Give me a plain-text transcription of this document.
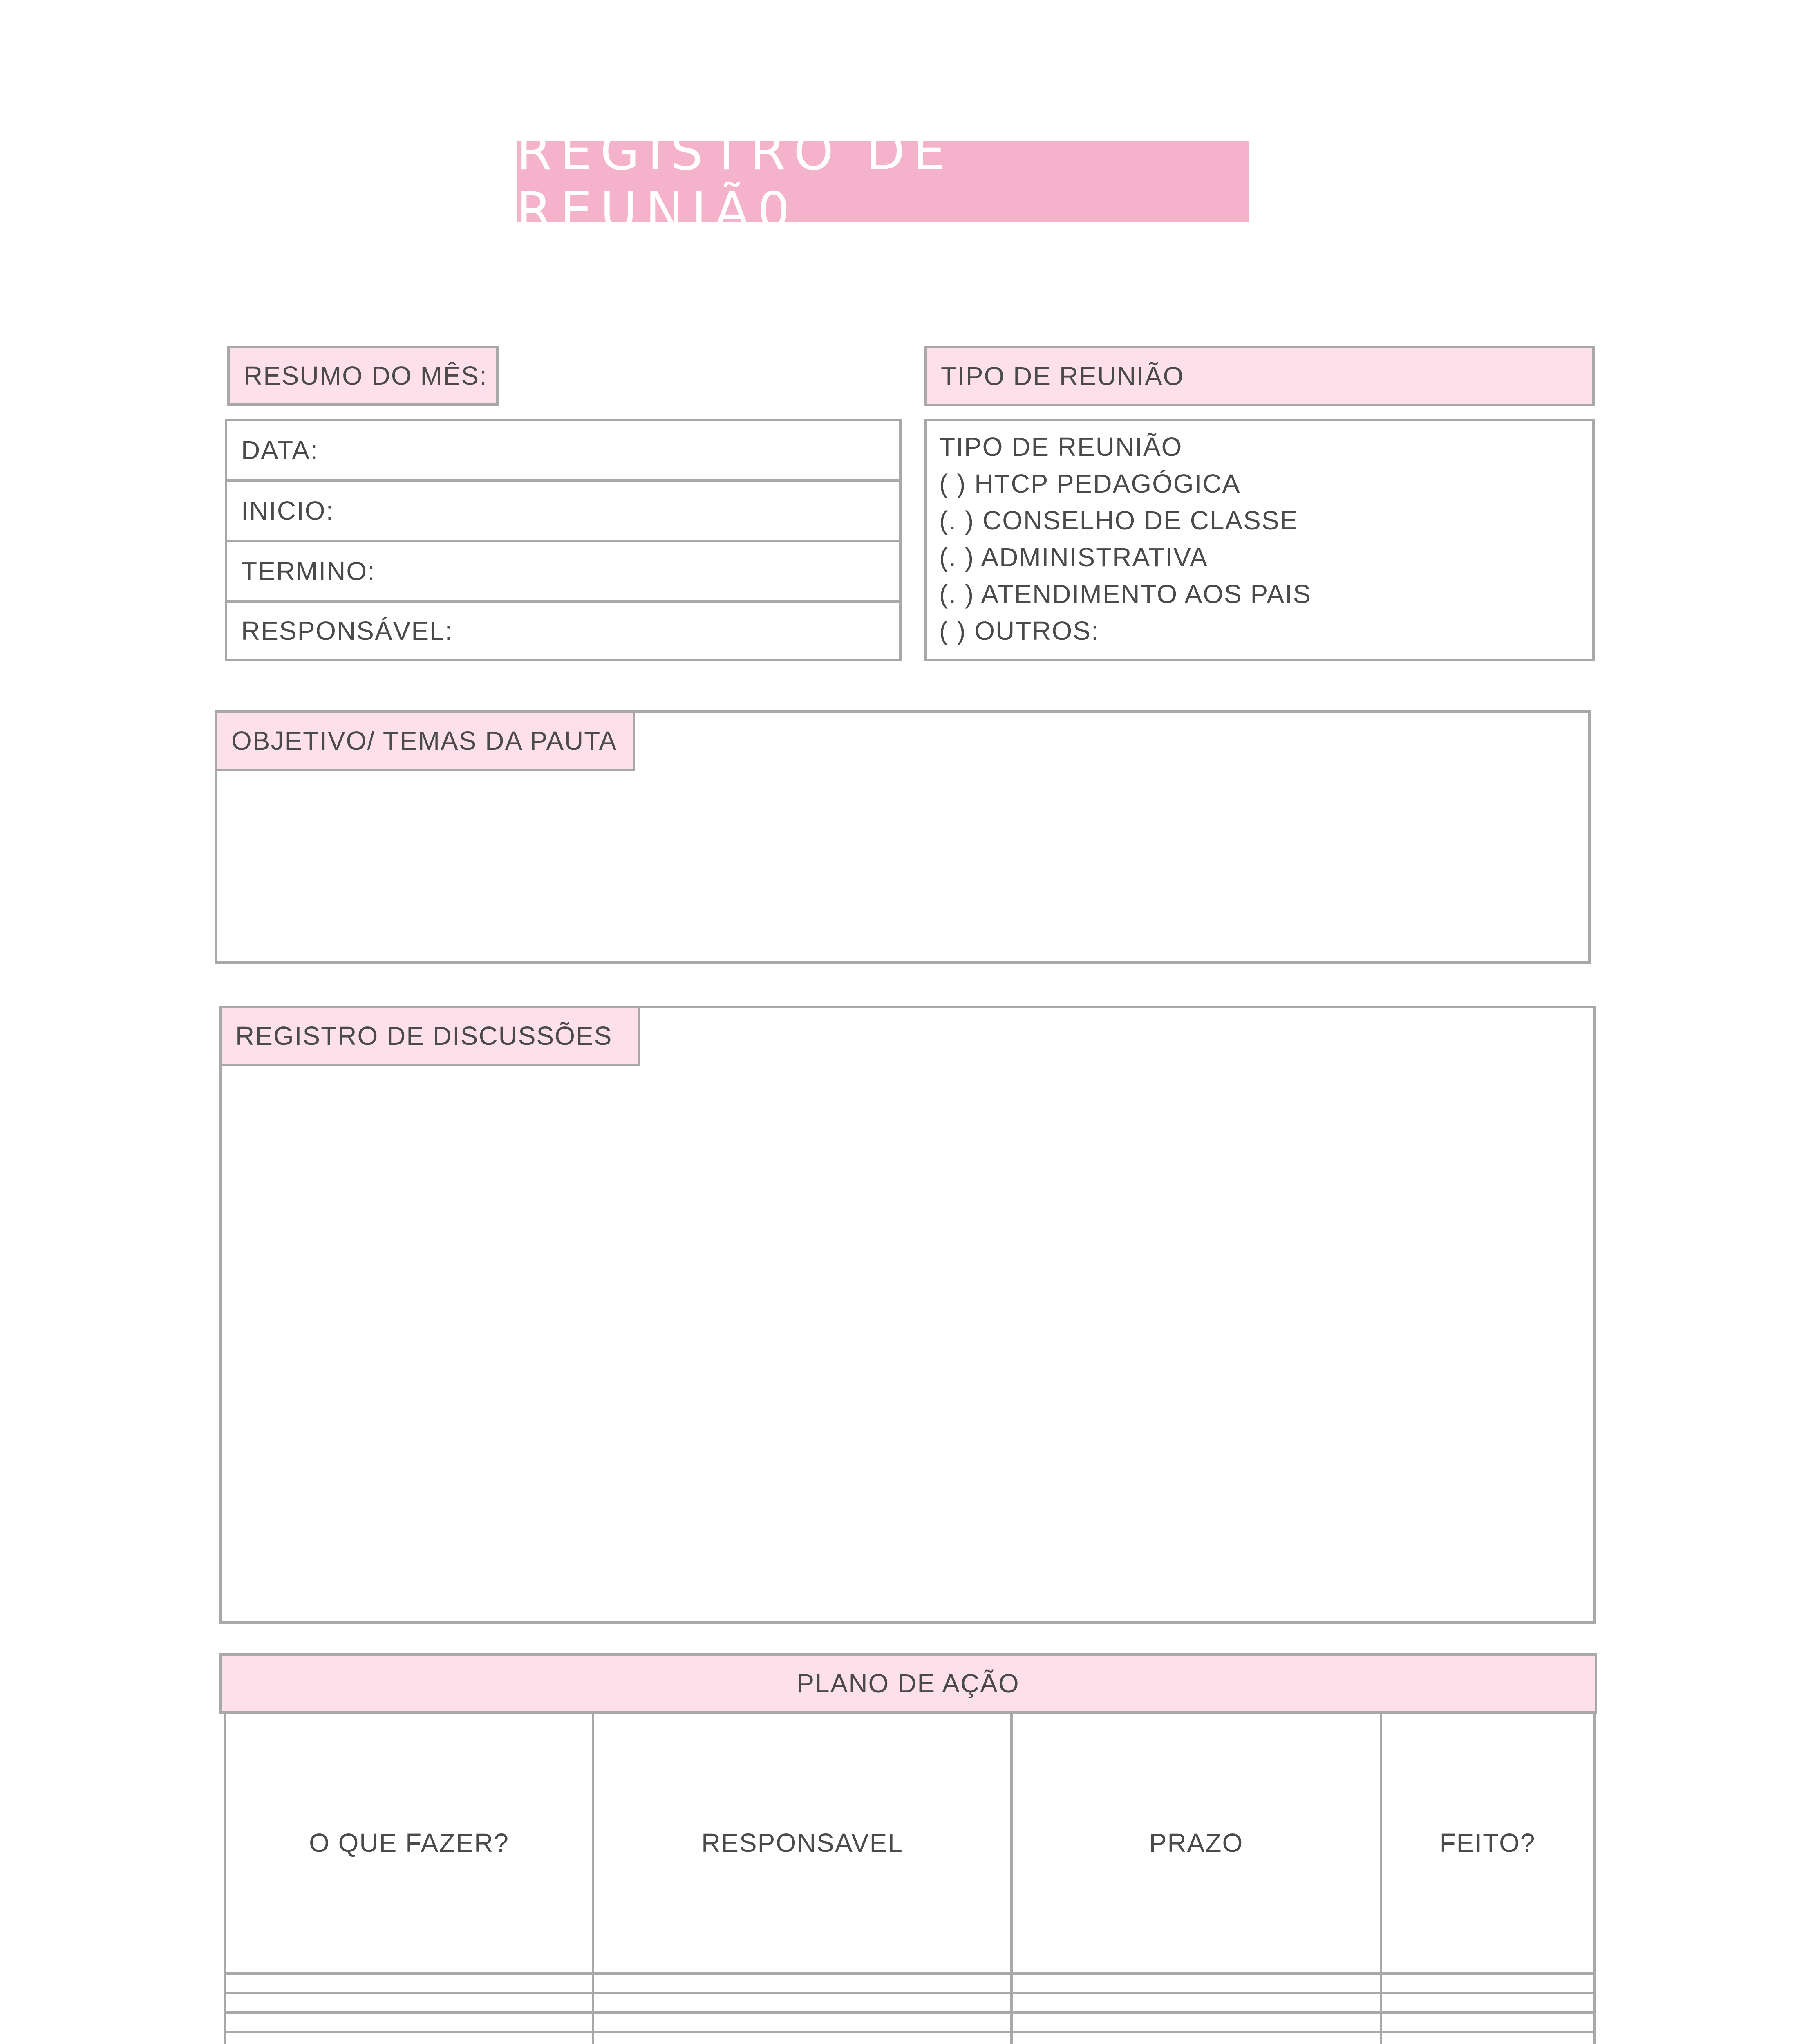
REGISTRO DE REUNIÃ0
RESUMO DO MÊS:
DATA:
INICIO:
TERMINO:
RESPONSÁVEL:
TIPO DE REUNIÃO
TIPO DE REUNIÃO
( ) HTCP PEDAGÓGICA
(. ) CONSELHO DE CLASSE
(. ) ADMINISTRATIVA
(. ) ATENDIMENTO AOS PAIS
( ) OUTROS:
OBJETIVO/ TEMAS DA PAUTA
REGISTRO DE DISCUSSÕES
PLANO DE AÇÃO
O QUE FAZER?	RESPONSAVEL	PRAZO	FEITO?
